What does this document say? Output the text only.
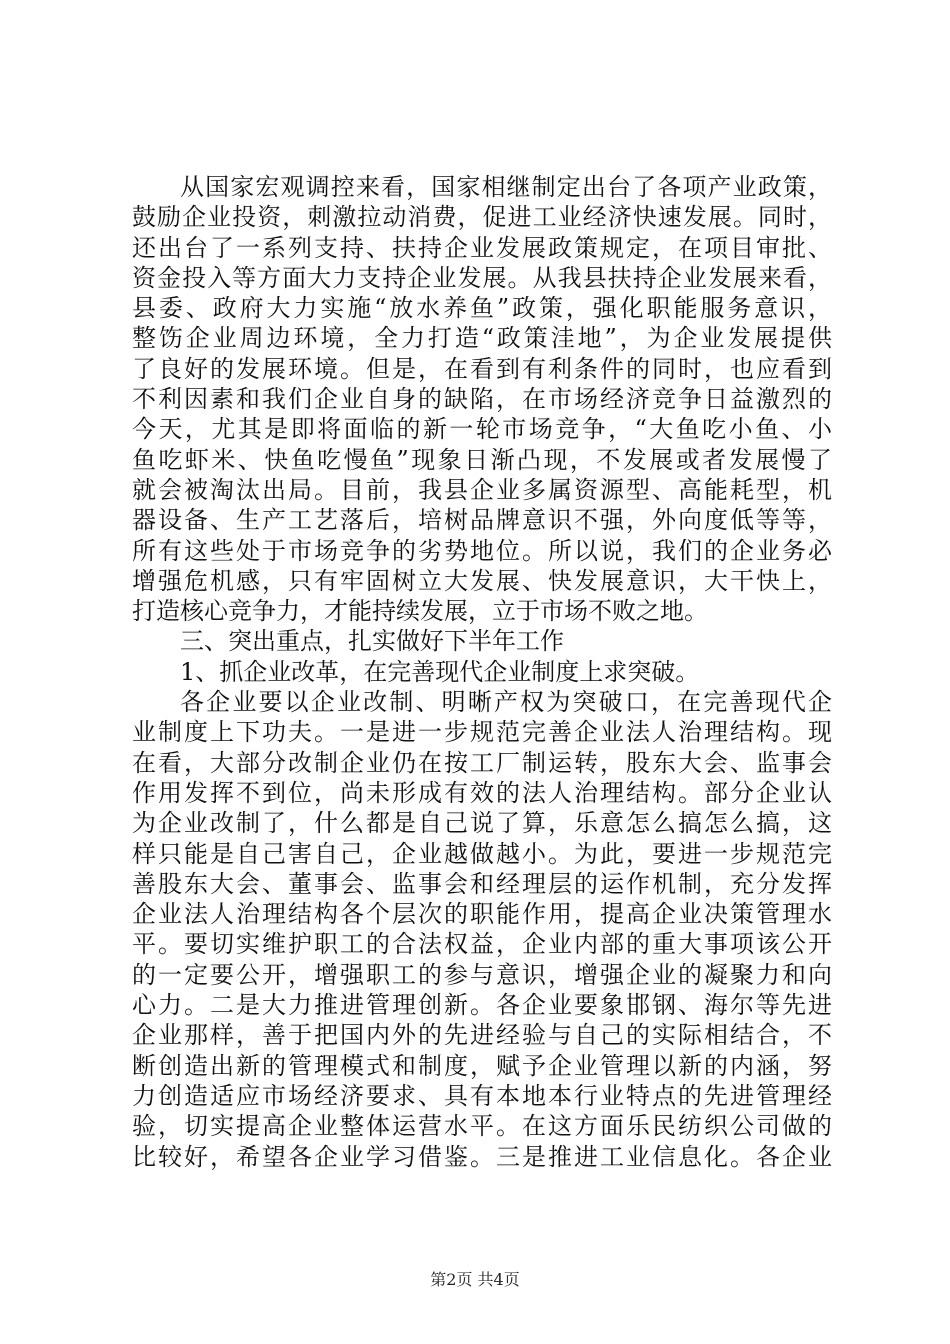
从国家宏观调控来看，国家相继制定出台了各项产业政策，
鼓励企业投资，刺激拉动消费，促进工业经济快速发展。同时，
还出台了一系列支持、扶持企业发展政策规定，在项目审批、
资金投入等方面大力支持企业发展。从我县扶持企业发展来看，
县委、政府大力实施“放水养鱼”政策，强化职能服务意识，
整饬企业周边环境，全力打造“政策洼地”，为企业发展提供
了良好的发展环境。但是，在看到有利条件的同时，也应看到
不利因素和我们企业自身的缺陷，在市场经济竞争日益激烈的
今天，尤其是即将面临的新一轮市场竞争，“大鱼吃小鱼、小
鱼吃虾米、快鱼吃慢鱼”现象日渐凸现，不发展或者发展慢了
就会被淘汰出局。目前，我县企业多属资源型、高能耗型，机
器设备、生产工艺落后，培树品牌意识不强，外向度低等等，
所有这些处于市场竞争的劣势地位。所以说，我们的企业务必
增强危机感，只有牢固树立大发展、快发展意识，大干快上，
打造核心竞争力，才能持续发展，立于市场不败之地。
三、突出重点，扎实做好下半年工作
1、抓企业改革，在完善现代企业制度上求突破。
各企业要以企业改制、明晰产权为突破口，在完善现代企
业制度上下功夫。一是进一步规范完善企业法人治理结构。现
在看，大部分改制企业仍在按工厂制运转，股东大会、监事会
作用发挥不到位，尚未形成有效的法人治理结构。部分企业认
为企业改制了，什么都是自己说了算，乐意怎么搞怎么搞，这
样只能是自己害自己，企业越做越小。为此，要进一步规范完
善股东大会、董事会、监事会和经理层的运作机制，充分发挥
企业法人治理结构各个层次的职能作用，提高企业决策管理水
平。要切实维护职工的合法权益，企业内部的重大事项该公开
的一定要公开，增强职工的参与意识，增强企业的凝聚力和向
心力。二是大力推进管理创新。各企业要象邯钢、海尔等先进
企业那样，善于把国内外的先进经验与自己的实际相结合，不
断创造出新的管理模式和制度，赋予企业管理以新的内涵，努
力创造适应市场经济要求、具有本地本行业特点的先进管理经
验，切实提高企业整体运营水平。在这方面乐民纺织公司做的
比较好，希望各企业学习借鉴。三是推进工业信息化。各企业
第2页 共4页
